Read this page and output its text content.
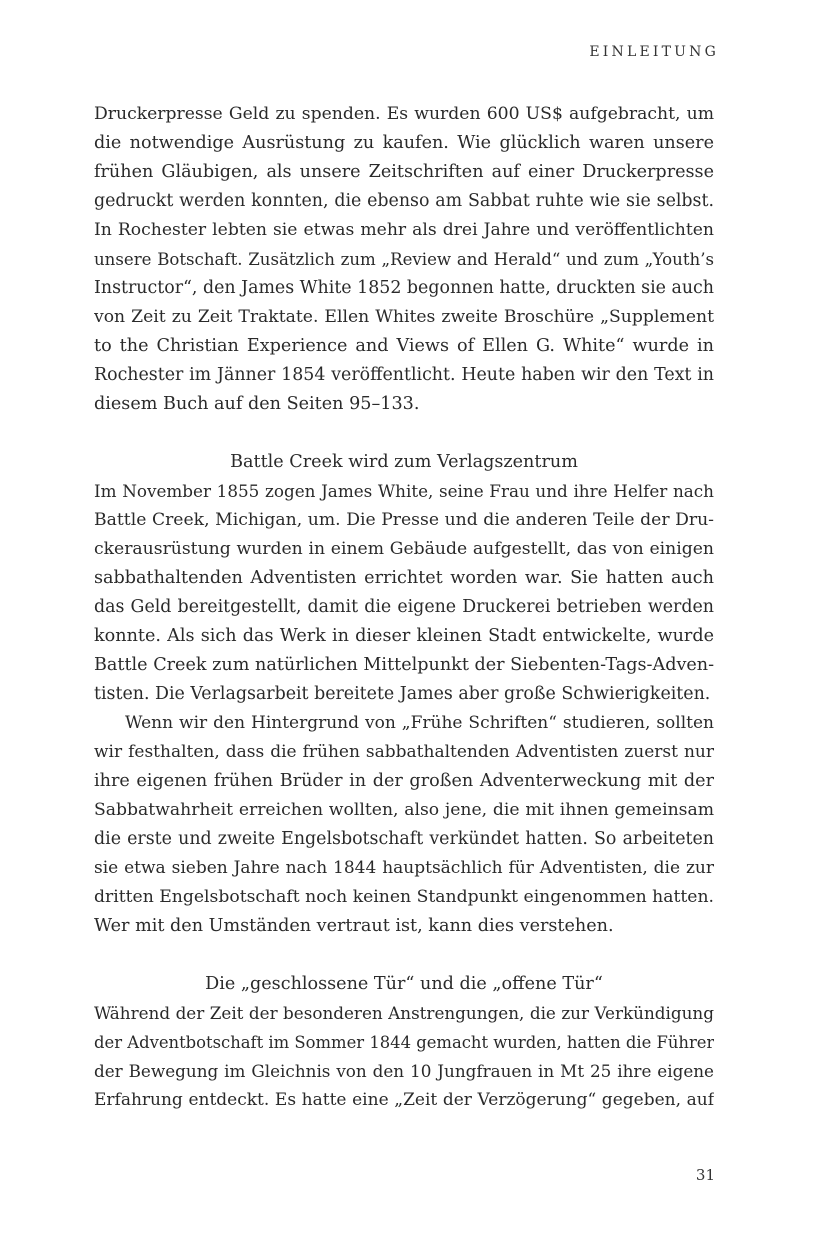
EINLEITUNG
Druckerpresse Geld zu spenden. Es wurden 600 US$ aufgebracht, um
die notwendige Ausrüstung zu kaufen. Wie glücklich waren unsere
frühen Gläubigen, als unsere Zeitschriften auf einer Druckerpresse
gedruckt werden konnten, die ebenso am Sabbat ruhte wie sie selbst.
In Rochester lebten sie etwas mehr als drei Jahre und veröffentlichten
unsere Botschaft. Zusätzlich zum „Review and Herald“ und zum „Youth’s
Instructor“, den James White 1852 begonnen hatte, druckten sie auch
von Zeit zu Zeit Traktate. Ellen Whites zweite Broschüre „Supplement
to the Christian Experience and Views of Ellen G. White“ wurde in
Rochester im Jänner 1854 veröffentlicht. Heute haben wir den Text in
diesem Buch auf den Seiten 95–133.
Battle Creek wird zum Verlagszentrum
Im November 1855 zogen James White, seine Frau und ihre Helfer nach
Battle Creek, Michigan, um. Die Presse und die anderen Teile der Dru-
ckerausrüstung wurden in einem Gebäude aufgestellt, das von einigen
sabbathaltenden Adventisten errichtet worden war. Sie hatten auch
das Geld bereitgestellt, damit die eigene Druckerei betrieben werden
konnte. Als sich das Werk in dieser kleinen Stadt entwickelte, wurde
Battle Creek zum natürlichen Mittelpunkt der Siebenten-Tags-Adven-
tisten. Die Verlagsarbeit bereitete James aber große Schwierigkeiten.
Wenn wir den Hintergrund von „Frühe Schriften“ studieren, sollten
wir festhalten, dass die frühen sabbathaltenden Adventisten zuerst nur
ihre eigenen frühen Brüder in der großen Adventerweckung mit der
Sabbatwahrheit erreichen wollten, also jene, die mit ihnen gemeinsam
die erste und zweite Engelsbotschaft verkündet hatten. So arbeiteten
sie etwa sieben Jahre nach 1844 hauptsächlich für Adventisten, die zur
dritten Engelsbotschaft noch keinen Standpunkt eingenommen hatten.
Wer mit den Umständen vertraut ist, kann dies verstehen.
Die „geschlossene Tür“ und die „offene Tür“
Während der Zeit der besonderen Anstrengungen, die zur Verkündigung
der Adventbotschaft im Sommer 1844 gemacht wurden, hatten die Führer
der Bewegung im Gleichnis von den 10 Jungfrauen in Mt 25 ihre eigene
Erfahrung entdeckt. Es hatte eine „Zeit der Verzögerung“ gegeben, auf
31
